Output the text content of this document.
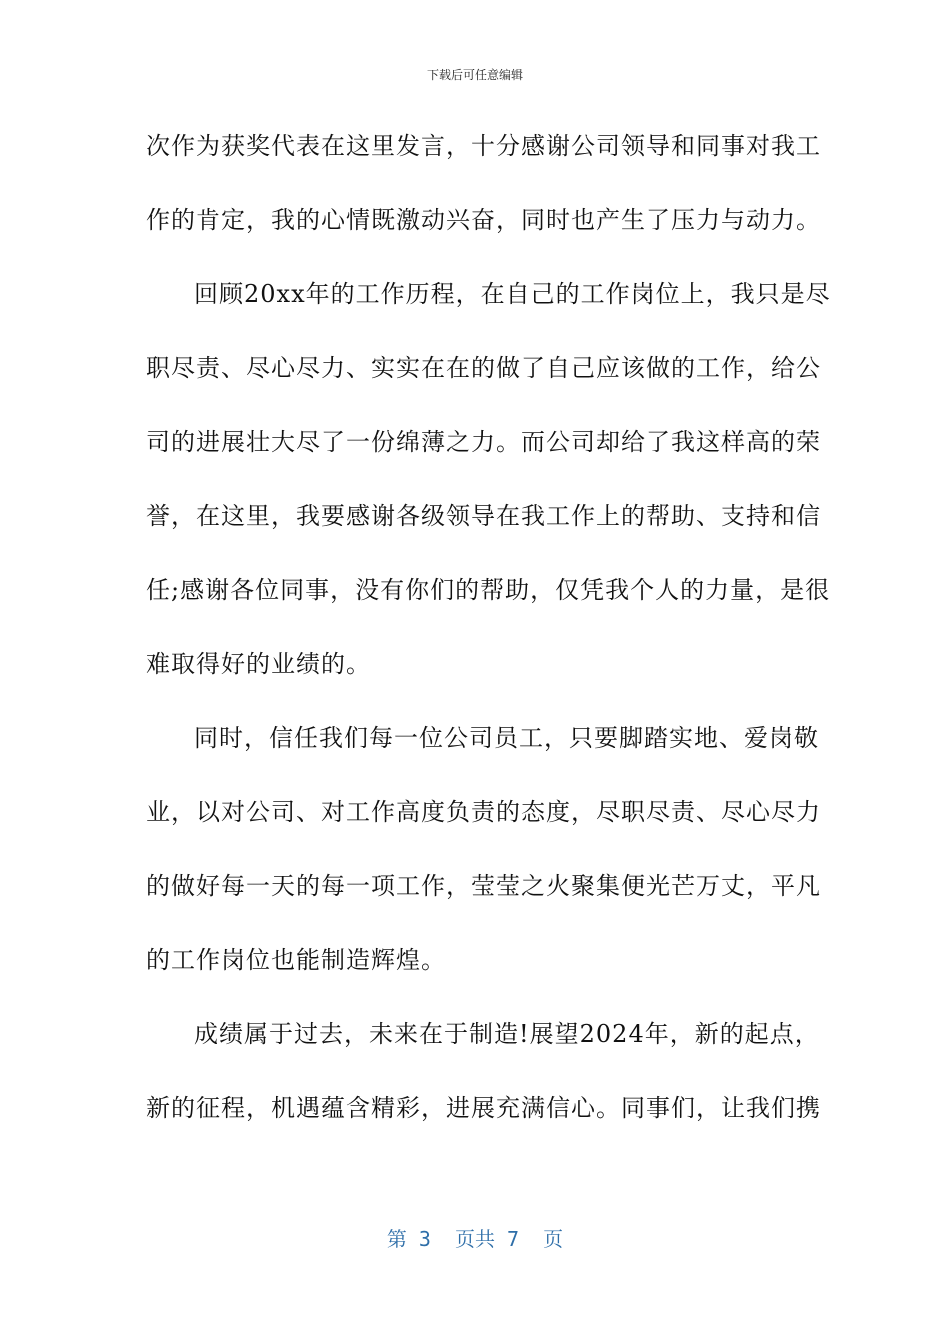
下载后可任意编辑
次作为获奖代表在这里发言，十分感谢公司领导和同事对我工
作的肯定，我的心情既激动兴奋，同时也产生了压力与动力。
回顾20xx年的工作历程，在自己的工作岗位上，我只是尽
职尽责、尽心尽力、实实在在的做了自己应该做的工作，给公
司的进展壮大尽了一份绵薄之力。而公司却给了我这样高的荣
誉，在这里，我要感谢各级领导在我工作上的帮助、支持和信
任;感谢各位同事，没有你们的帮助，仅凭我个人的力量，是很
难取得好的业绩的。
同时，信任我们每一位公司员工，只要脚踏实地、爱岗敬
业，以对公司、对工作高度负责的态度，尽职尽责、尽心尽力
的做好每一天的每一项工作，莹莹之火聚集便光芒万丈，平凡
的工作岗位也能制造辉煌。
成绩属于过去，未来在于制造!展望2024年，新的起点，
新的征程，机遇蕴含精彩，进展充满信心。同事们，让我们携
第 3  页共 7  页
